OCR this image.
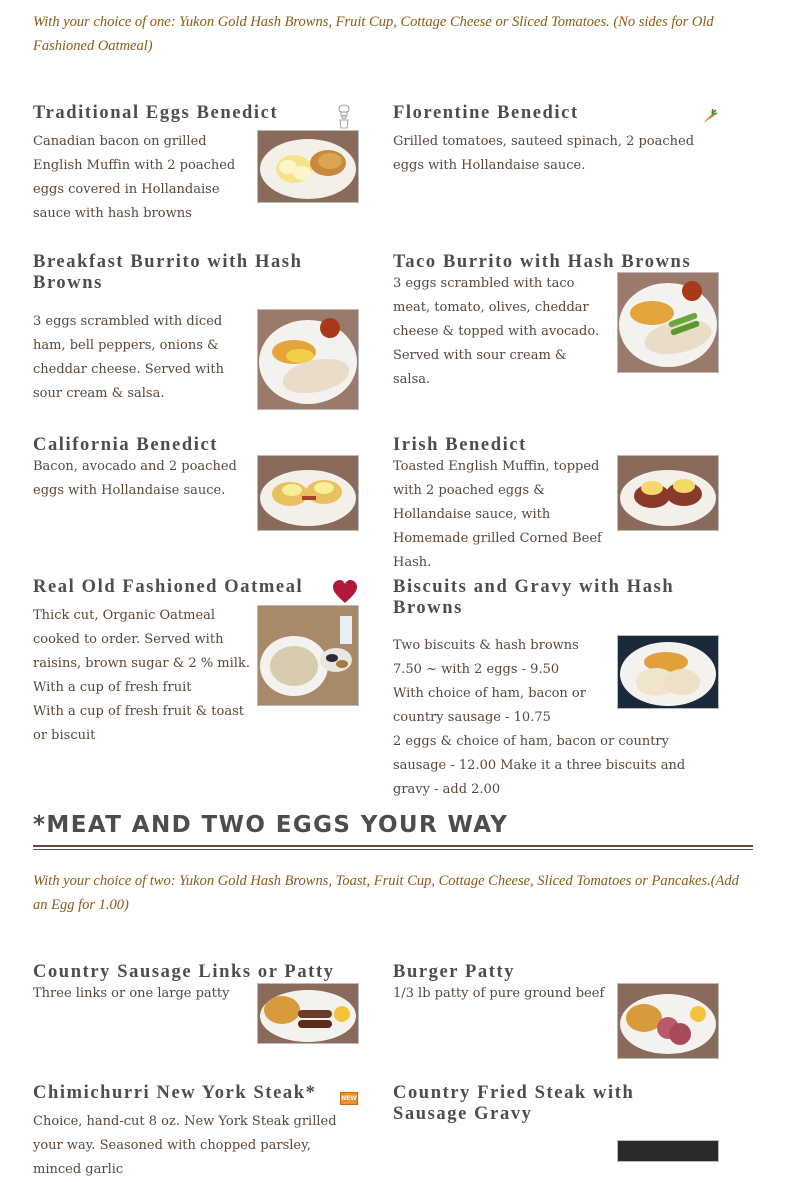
With your choice of one: Yukon Gold Hash Browns, Fruit Cup, Cottage Cheese or Sliced Tomatoes. (No sides for Old Fashioned Oatmeal)
Traditional Eggs Benedict
Canadian bacon on grilled English Muffin with 2 poached eggs covered in Hollandaise sauce with hash browns
Florentine Benedict
Grilled tomatoes, sauteed spinach, 2 poached eggs with Hollandaise sauce.
Breakfast Burrito with Hash Browns
3 eggs scrambled with diced ham, bell peppers, onions & cheddar cheese. Served with sour cream & salsa.
Taco Burrito with Hash Browns
3 eggs scrambled with taco meat, tomato, olives, cheddar cheese & topped with avocado. Served with sour cream & salsa.
California Benedict
Bacon, avocado and 2 poached eggs with Hollandaise sauce.
Irish Benedict
Toasted English Muffin, topped with 2 poached eggs & Hollandaise sauce, with Homemade grilled Corned Beef Hash.
Real Old Fashioned Oatmeal
Thick cut, Organic Oatmeal cooked to order. Served with raisins, brown sugar & 2 % milk.
With a cup of fresh fruit
With a cup of fresh fruit & toast or biscuit
Biscuits and Gravy with Hash Browns
Two biscuits & hash browns 7.50 ~ with 2 eggs - 9.50
With choice of ham, bacon or country sausage - 10.75
2 eggs & choice of ham, bacon or country sausage - 12.00 Make it a three biscuits and gravy - add 2.00
*MEAT AND TWO EGGS YOUR WAY
With your choice of two: Yukon Gold Hash Browns, Toast, Fruit Cup, Cottage Cheese, Sliced Tomatoes or Pancakes.(Add an Egg for 1.00)
Country Sausage Links or Patty
Three links or one large patty
Burger Patty
1/3 lb patty of pure ground beef
Chimichurri New York Steak*	NEW
Choice, hand-cut 8 oz. New York Steak grilled your way. Seasoned with chopped parsley, minced garlic
Country Fried Steak with Sausage Gravy
